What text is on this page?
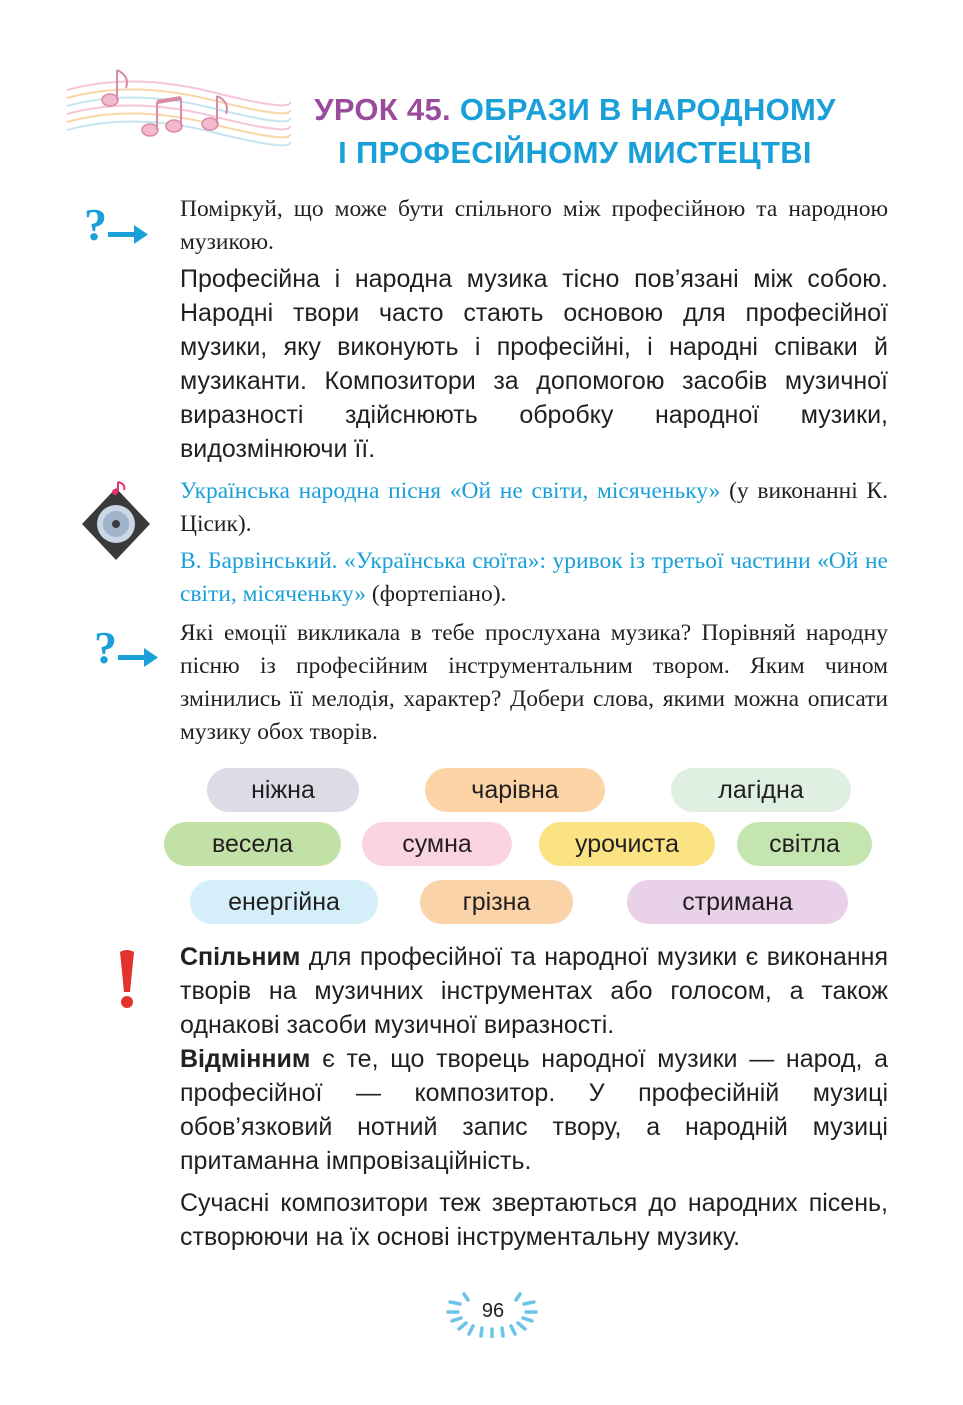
УРОК 45. ОБРАЗИ В НАРОДНОМУ
І ПРОФЕСІЙНОМУ МИСТЕЦТВІ
?	Поміркуй, що може бути спільного між професійною та народною музикою.
Професійна і народна музика тісно пов’язані між собою. Народні твори часто стають основою для професійної музики, яку виконують і професійні, і народні співаки й музиканти. Композитори за допомогою засобів музичної виразності здійснюють обробку народної музики, видозмінюючи її.
Українська народна пісня «Ой не світи, місяченьку» (у виконанні К. Цісик).
В. Барвінський. «Українська сюїта»: уривок із третьої частини «Ой не світи, місяченьку» (фортепіано).
?	Які емоції викликала в тебе прослухана музика? Порівняй народну пісню із професійним інструментальним твором. Яким чином змінились її мелодія, характер? Добери слова, якими можна описати музику обох творів.
ніжна	чарівна	лагідна
весела	сумна	урочиста	світла
енергійна	грізна	стримана
Спільним для професійної та народної музики є виконання творів на музичних інструментах або голосом, а також однакові засоби музичної виразності.
Відмінним є те, що творець народної музики — народ, а професійної — композитор. У професійній музиці обов’язковий нотний запис твору, а народній музиці притаманна імпровізаційність.
Сучасні композитори теж звертаються до народних пісень, створюючи на їх основі інструментальну музику.
96
